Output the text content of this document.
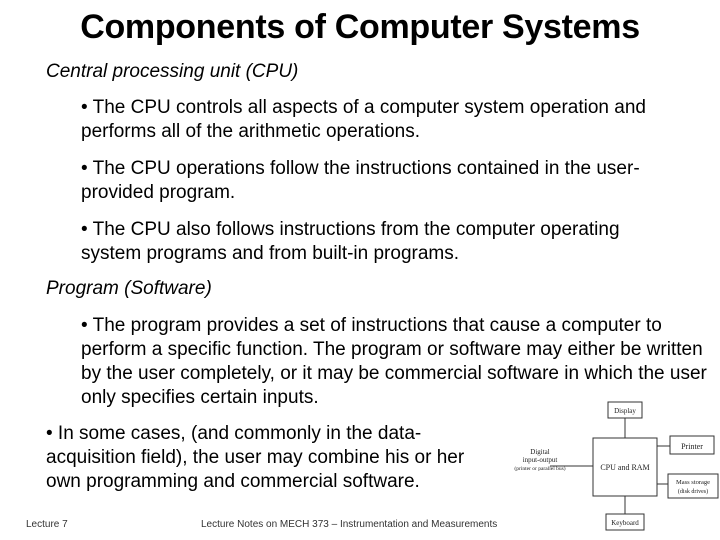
Components of Computer Systems
Central processing unit (CPU)
• The CPU controls all aspects of a computer system operation and performs all of the arithmetic operations.
• The CPU operations follow the instructions contained in the user-provided program.
• The CPU also follows instructions from the computer operating system programs and from built-in programs.
Program (Software)
• The program provides a set of instructions that cause a computer to perform a specific function. The program or software may either be written by the user completely, or it may be commercial software in which the user only specifies certain inputs.
• In some cases, (and commonly in the data-acquisition field), the user may combine his or her own programming and commercial software.
Display
CPU and RAM
Printer
Mass storage
(disk drives)
Keyboard
Digital
input-output
(printer or parallel bus)
Lecture 7	Lecture Notes on MECH 373 – Instrumentation and Measurements
